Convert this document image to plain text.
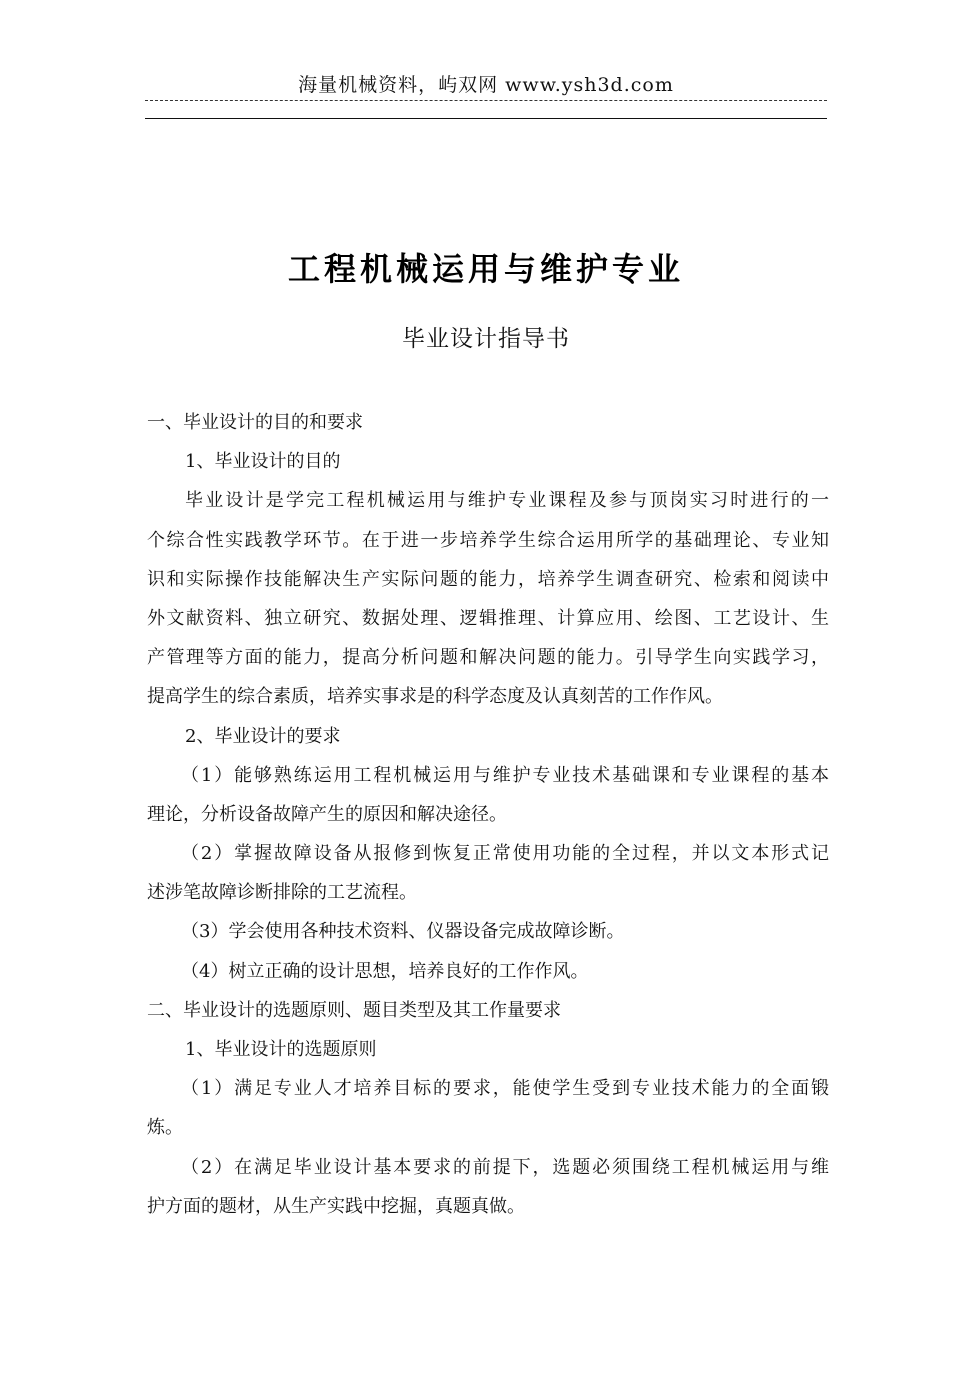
海量机械资料，屿双网 www.ysh3d.com
工程机械运用与维护专业
毕业设计指导书
一、毕业设计的目的和要求
1、毕业设计的目的
毕业设计是学完工程机械运用与维护专业课程及参与顶岗实习时进行的一
个综合性实践教学环节。在于进一步培养学生综合运用所学的基础理论、专业知
识和实际操作技能解决生产实际问题的能力，培养学生调查研究、检索和阅读中
外文献资料、独立研究、数据处理、逻辑推理、计算应用、绘图、工艺设计、生
产管理等方面的能力，提高分析问题和解决问题的能力。引导学生向实践学习，
提高学生的综合素质，培养实事求是的科学态度及认真刻苦的工作作风。
2、毕业设计的要求
（1）能够熟练运用工程机械运用与维护专业技术基础课和专业课程的基本
理论，分析设备故障产生的原因和解决途径。
（2）掌握故障设备从报修到恢复正常使用功能的全过程，并以文本形式记
述涉笔故障诊断排除的工艺流程。
（3）学会使用各种技术资料、仪器设备完成故障诊断。
（4）树立正确的设计思想，培养良好的工作作风。
二、毕业设计的选题原则、题目类型及其工作量要求
1、毕业设计的选题原则
（1）满足专业人才培养目标的要求，能使学生受到专业技术能力的全面锻
炼。
（2）在满足毕业设计基本要求的前提下，选题必须围绕工程机械运用与维
护方面的题材，从生产实践中挖掘，真题真做。
